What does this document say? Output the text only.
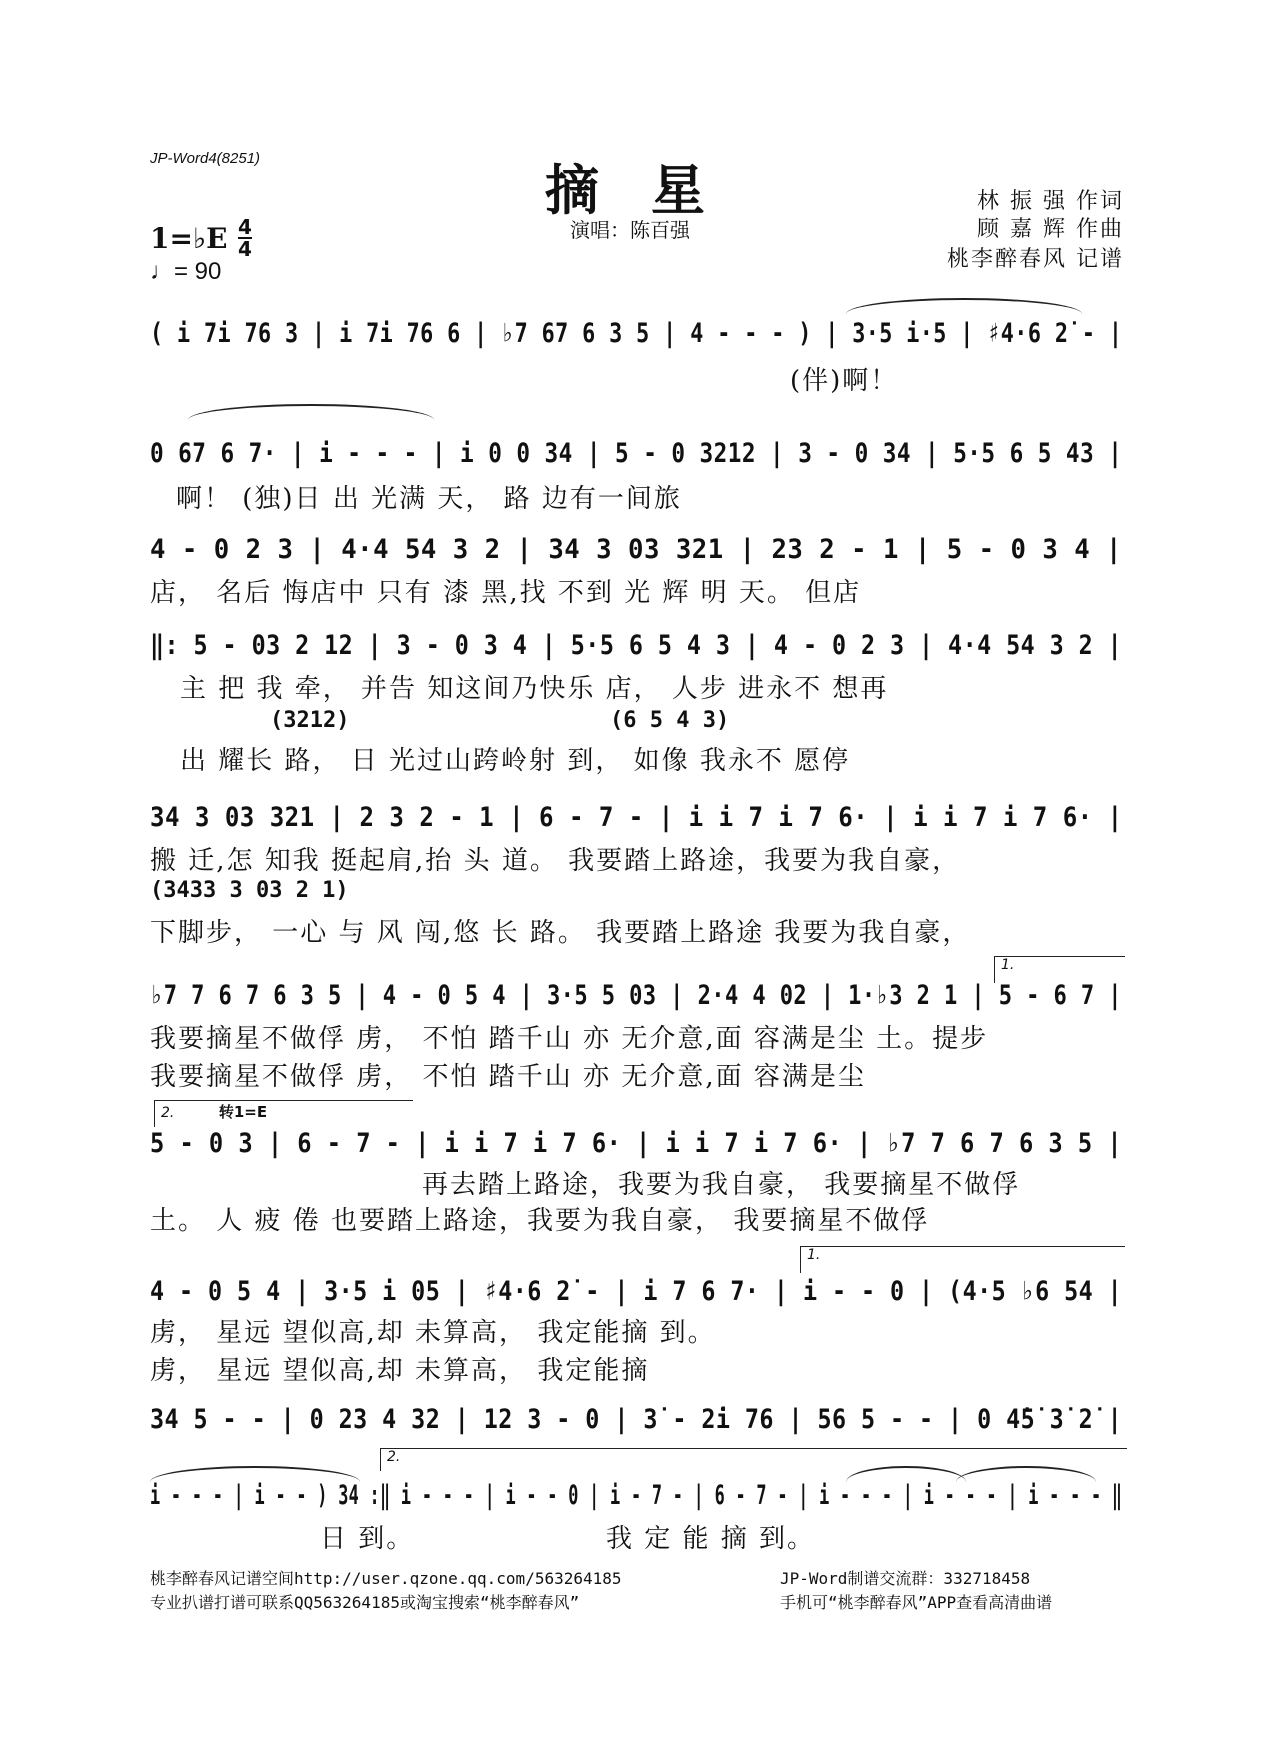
JP-Word4(8251)	摘星
演唱：陈百强
林 振 强 作词
顾 嘉 辉 作曲
桃李醉春风 记谱
1=♭E 4
4
♩= 90
( i 7i 76 3 | i 7i 76 6 | ♭7 67 6 3 5 | 4 - - - ) | 3·5 i·5 | ♯4·6 2̇ - |
(伴)啊！
0 67 6 7· | i - - - | i 0 0 34 | 5 - 0 3212 | 3 - 0 34 | 5·5 6 5 43 |
啊！ (独)日 出 光满 天， 路 边有一间旅
4 - 0 2 3 | 4·4 54 3 2 | 34 3 03 321 | 23 2 - 1 | 5 - 0 3 4 |
店， 名后 悔店中 只有 漆 黑,找 不到 光 辉 明 天。 但店
‖: 5 - 03 2 12 | 3 - 0 3 4 | 5·5 6 5 4 3 | 4 - 0 2 3 | 4·4 54 3 2 |
主 把 我 牵， 并告 知这间乃快乐 店， 人步 进永不 想再
(3212)	(6 5 4 3)
出 耀长 路， 日 光过山跨岭射 到， 如像 我永不 愿停
34 3 03 321 | 2 3 2 - 1 | 6 - 7 - | i i 7 i 7 6· | i i 7 i 7 6· |
搬 迁,怎 知我 挺起肩,抬 头 道。 我要踏上路途，我要为我自豪，
(3433 3 03 2 1)
下脚步， 一心 与 风 闯,悠 长 路。 我要踏上路途 我要为我自豪，
1.
♭7 7 6 7 6 3 5 | 4 - 0 5 4 | 3·5 5 03 | 2·4 4 02 | 1·♭3 2 1 | 5 - 6 7 |
我要摘星不做俘 虏， 不怕 踏千山 亦 无介意,面 容满是尘 土。提步
我要摘星不做俘 虏， 不怕 踏千山 亦 无介意,面 容满是尘
2.	转1=E
5 - 0 3 | 6 - 7 - | i i 7 i 7 6· | i i 7 i 7 6· | ♭7 7 6 7 6 3 5 |
再去踏上路途，我要为我自豪， 我要摘星不做俘
土。 人 疲 倦 也要踏上路途，我要为我自豪， 我要摘星不做俘
1.
4 - 0 5 4 | 3·5 i 05 | ♯4·6 2̇ - | i 7 6 7· | i - - 0 | (4·5 ♭6 54 |
虏， 星远 望似高,却 未算高， 我定能摘 到。
虏， 星远 望似高,却 未算高， 我定能摘
34 5 - - | 0 23 4 32 | 12 3 - 0 | 3̇ - 2̇i 76 | 56 5 - - | 0 4̇5̇ 3̇ 2̇ |
2.
i - - - | i - - ) 34 :‖ i - - - | i - - 0 | i - 7 - | 6 - 7 - | i - - - | i - - - | i - - - ‖
日 到。	我 定 能 摘 到。
桃李醉春风记谱空间http://user.qzone.qq.com/563264185
专业扒谱打谱可联系QQ563264185或淘宝搜索“桃李醉春风”
JP-Word制谱交流群：332718458
手机可“桃李醉春风”APP查看高清曲谱
